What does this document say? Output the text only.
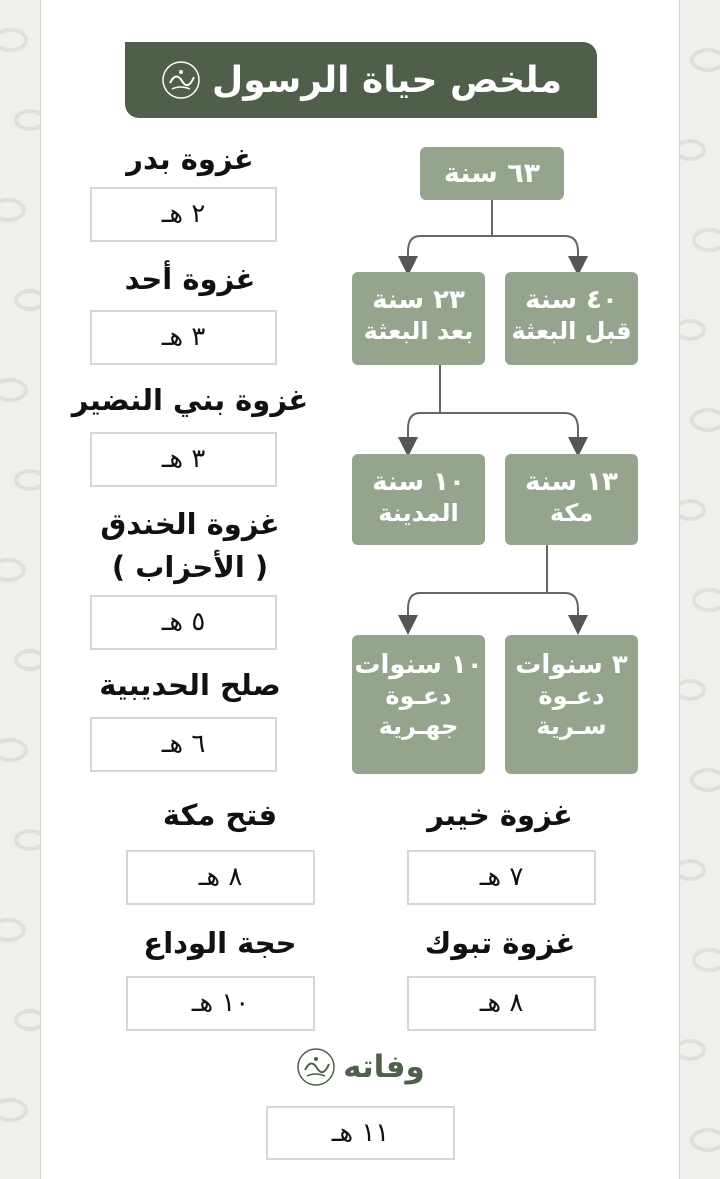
ملخص حياة الرسول
٦٣ سنة
٤٠ سنة
قبل البعثة
٢٣ سنة
بعد البعثة
١٣ سنة
مكة
١٠ سنة
المدينة
٣ سنوات
دعـوة
سـرية
١٠ سنوات
دعـوة
جهـرية
غزوة بدر
٢ هـ
غزوة أحد
٣ هـ
غزوة بني النضير
٣ هـ
غزوة الخندق
( الأحزاب )
٥ هـ
صلح الحديبية
٦ هـ
فتح مكة
٨ هـ
غزوة خيبر
٧ هـ
حجة الوداع
١٠ هـ
غزوة تبوك
٨ هـ
وفاته
١١ هـ
